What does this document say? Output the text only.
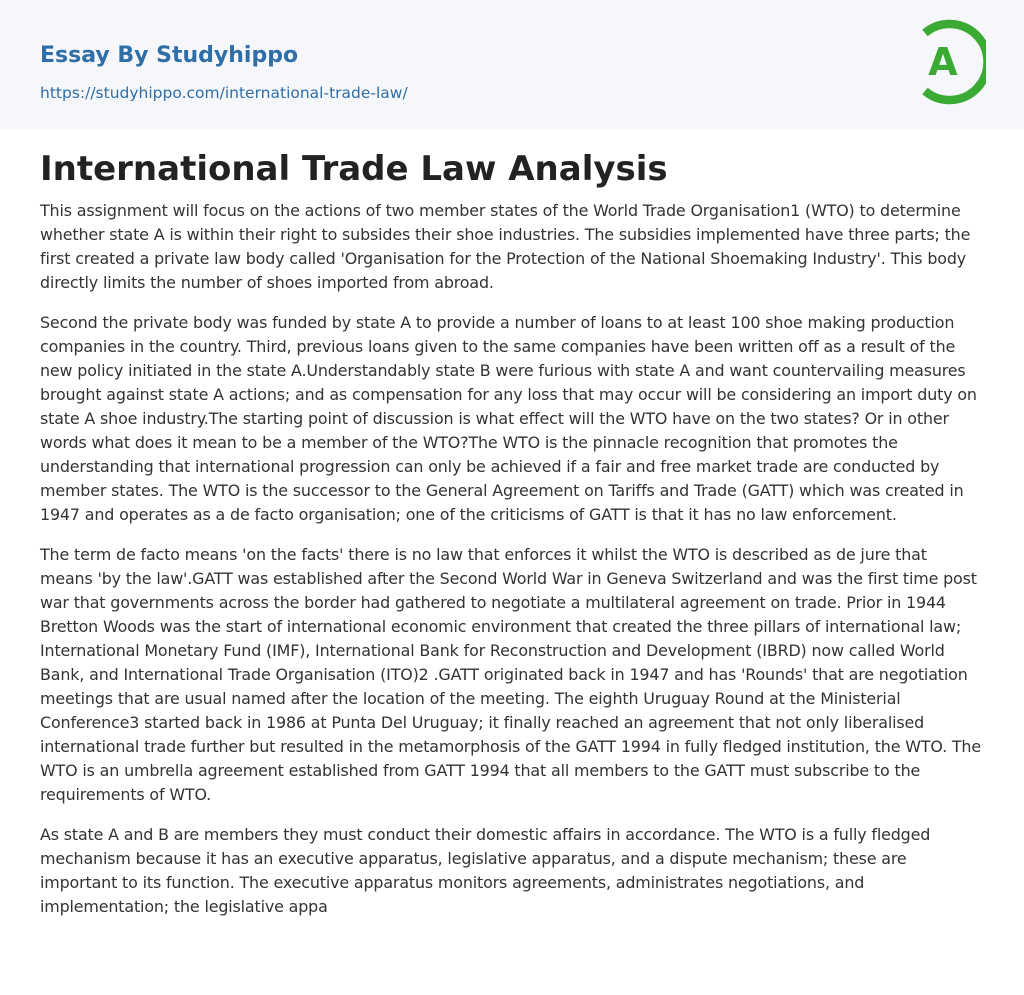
Essay By Studyhippo
https://studyhippo.com/international-trade-law/
A
International Trade Law Analysis

This assignment will focus on the actions of two member states of the World Trade Organisation1 (WTO) to determine whether state A is within their right to subsides their shoe industries. The subsidies implemented have three parts; the first created a private law body called 'Organisation for the Protection of the National Shoemaking Industry'. This body directly limits the number of shoes imported from abroad.

Second the private body was funded by state A to provide a number of loans to at least 100 shoe making production companies in the country. Third, previous loans given to the same companies have been written off as a result of the new policy initiated in the state A.Understandably state B were furious with state A and want countervailing measures brought against state A actions; and as compensation for any loss that may occur will be considering an import duty on state A shoe industry.The starting point of discussion is what effect will the WTO have on the two states? Or in other words what does it mean to be a member of the WTO?The WTO is the pinnacle recognition that promotes the understanding that international progression can only be achieved if a fair and free market trade are conducted by member states. The WTO is the successor to the General Agreement on Tariffs and Trade (GATT) which was created in 1947 and operates as a de facto organisation; one of the criticisms of GATT is that it has no law enforcement.

The term de facto means 'on the facts' there is no law that enforces it whilst the WTO is described as de jure that means 'by the law'.GATT was established after the Second World War in Geneva Switzerland and was the first time post war that governments across the border had gathered to negotiate a multilateral agreement on trade. Prior in 1944 Bretton Woods was the start of international economic environment that created the three pillars of international law; International Monetary Fund (IMF), International Bank for Reconstruction and Development (IBRD) now called World Bank, and International Trade Organisation (ITO)2 .GATT originated back in 1947 and has 'Rounds' that are negotiation meetings that are usual named after the location of the meeting. The eighth Uruguay Round at the Ministerial Conference3 started back in 1986 at Punta Del Uruguay; it finally reached an agreement that not only liberalised international trade further but resulted in the metamorphosis of the GATT 1994 in fully fledged institution, the WTO. The WTO is an umbrella agreement established from GATT 1994 that all members to the GATT must subscribe to the requirements of WTO.

As state A and B are members they must conduct their domestic affairs in accordance. The WTO is a fully fledged mechanism because it has an executive apparatus, legislative apparatus, and a dispute mechanism; these are important to its function. The executive apparatus monitors agreements, administrates negotiations, and implementation; the legislative appa
